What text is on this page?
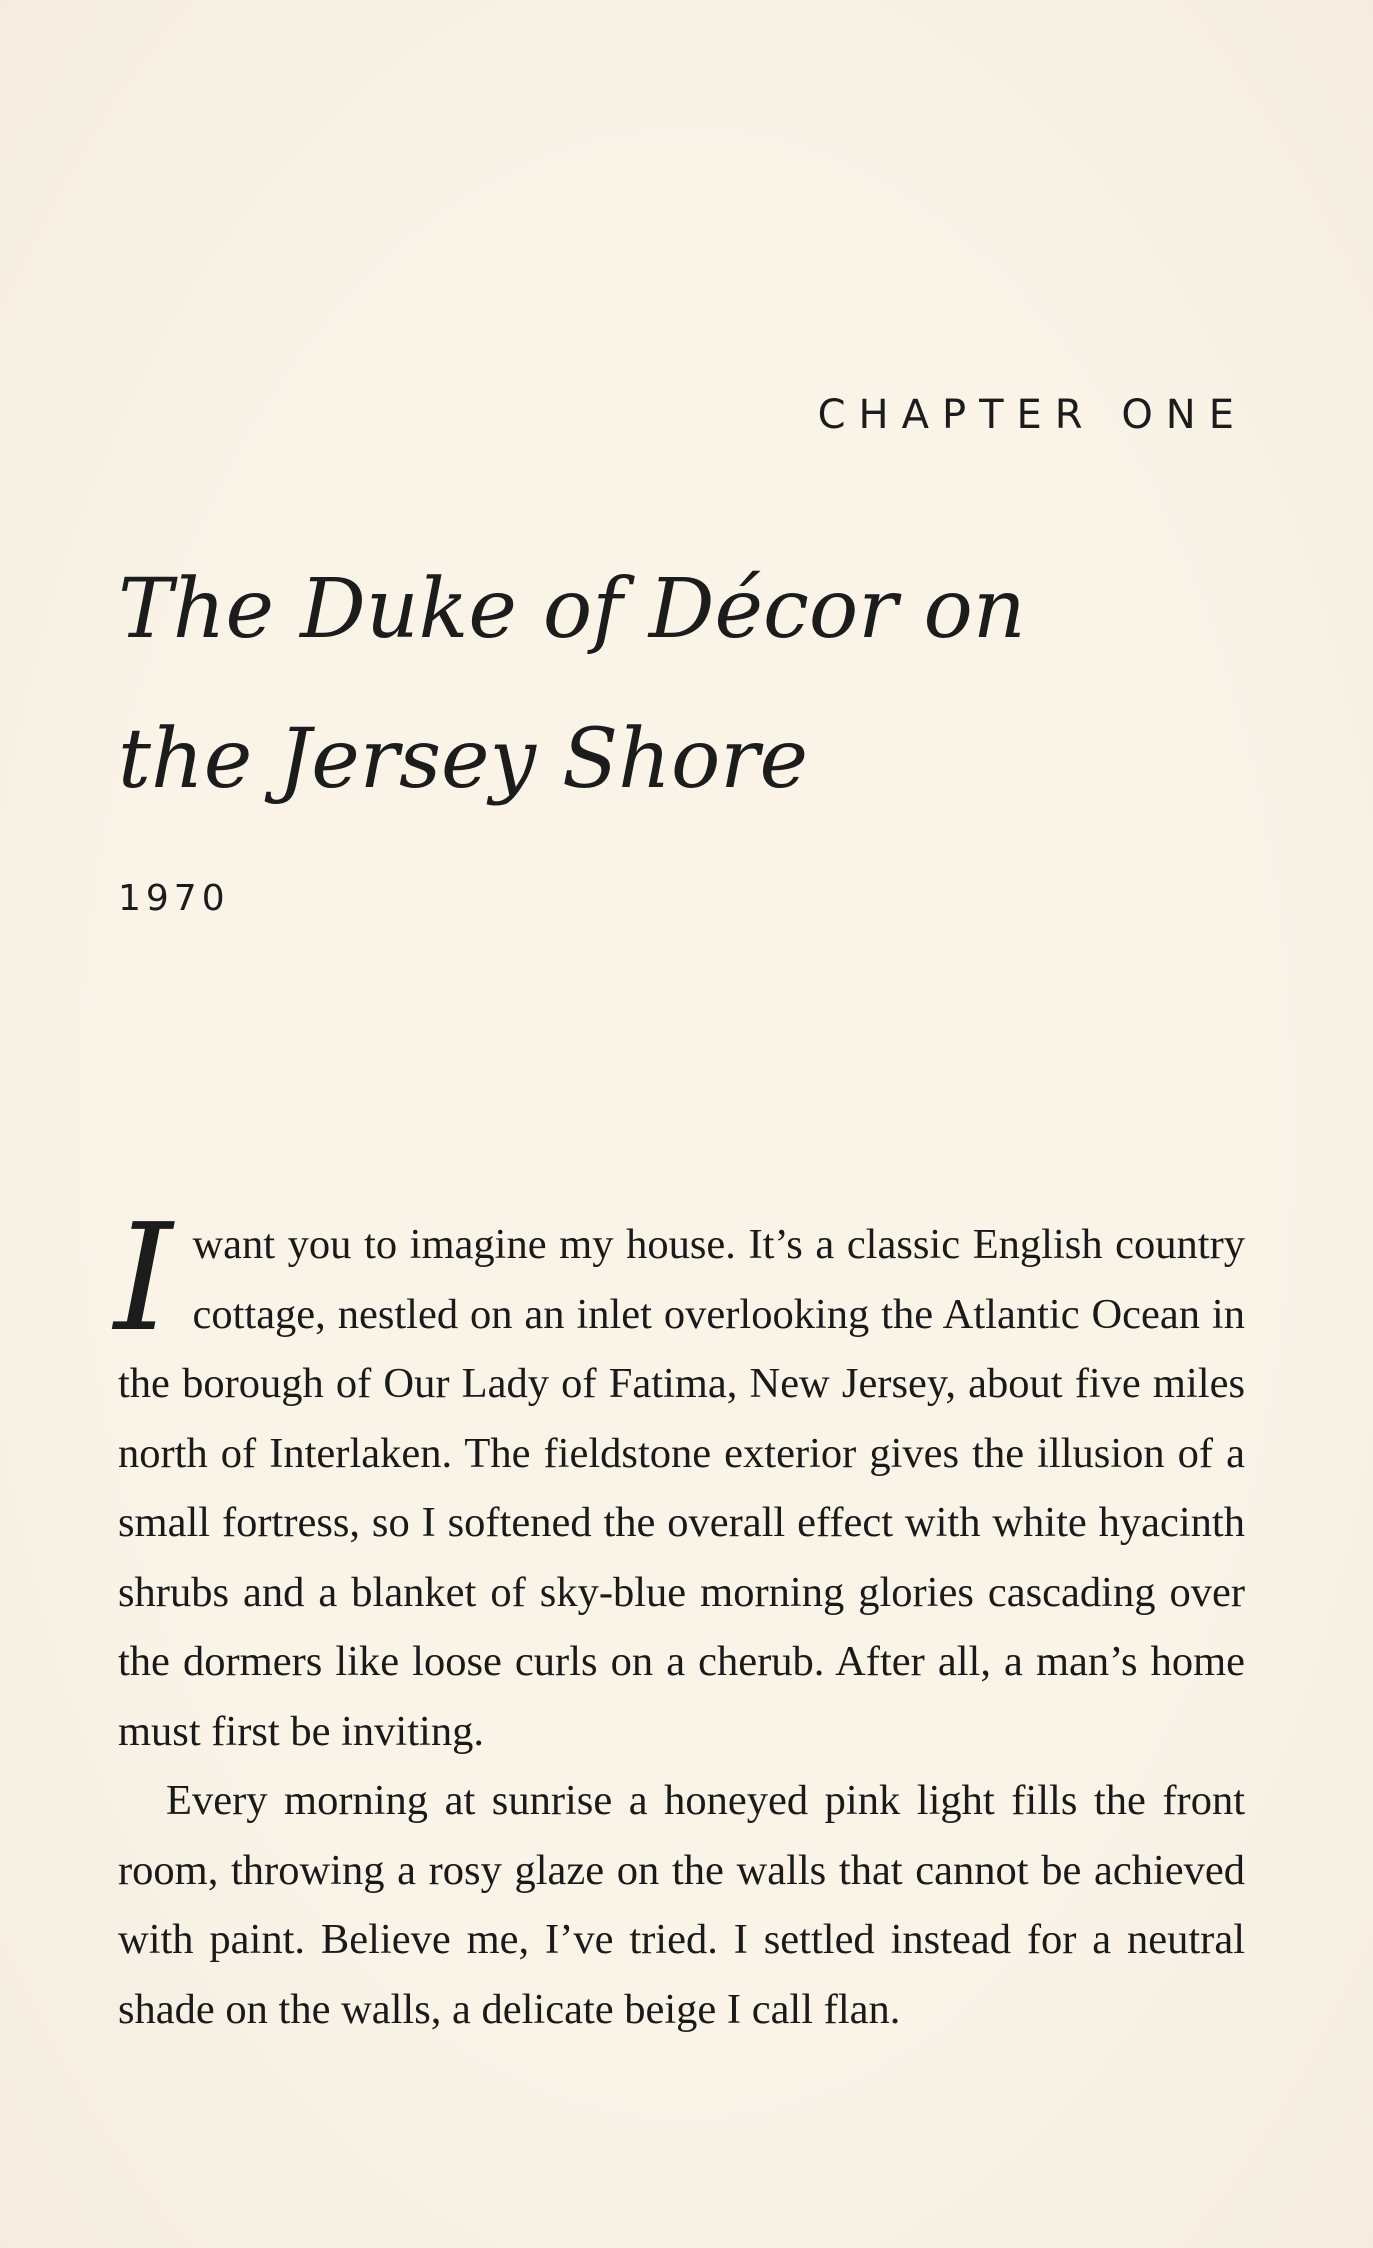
CHAPTER ONE
The Duke of Décor on the Jersey Shore
1970

Iwant you to imagine my house. It’s a classic English country cottage, nestled on an inlet overlooking the Atlantic Ocean in the borough of Our Lady of Fatima, New Jersey, about five miles north of Interlaken. The fieldstone exterior gives the illusion of a small fortress, so I softened the overall effect with white hyacinth shrubs and a blanket of sky-blue morning glories cascading over the dormers like loose curls on a cherub. After all, a man’s home must first be inviting.

Every morning at sunrise a honeyed pink light fills the front room, throwing a rosy glaze on the walls that cannot be achieved with paint. Believe me, I’ve tried. I settled instead for a neutral shade on the walls, a delicate beige I call flan.
